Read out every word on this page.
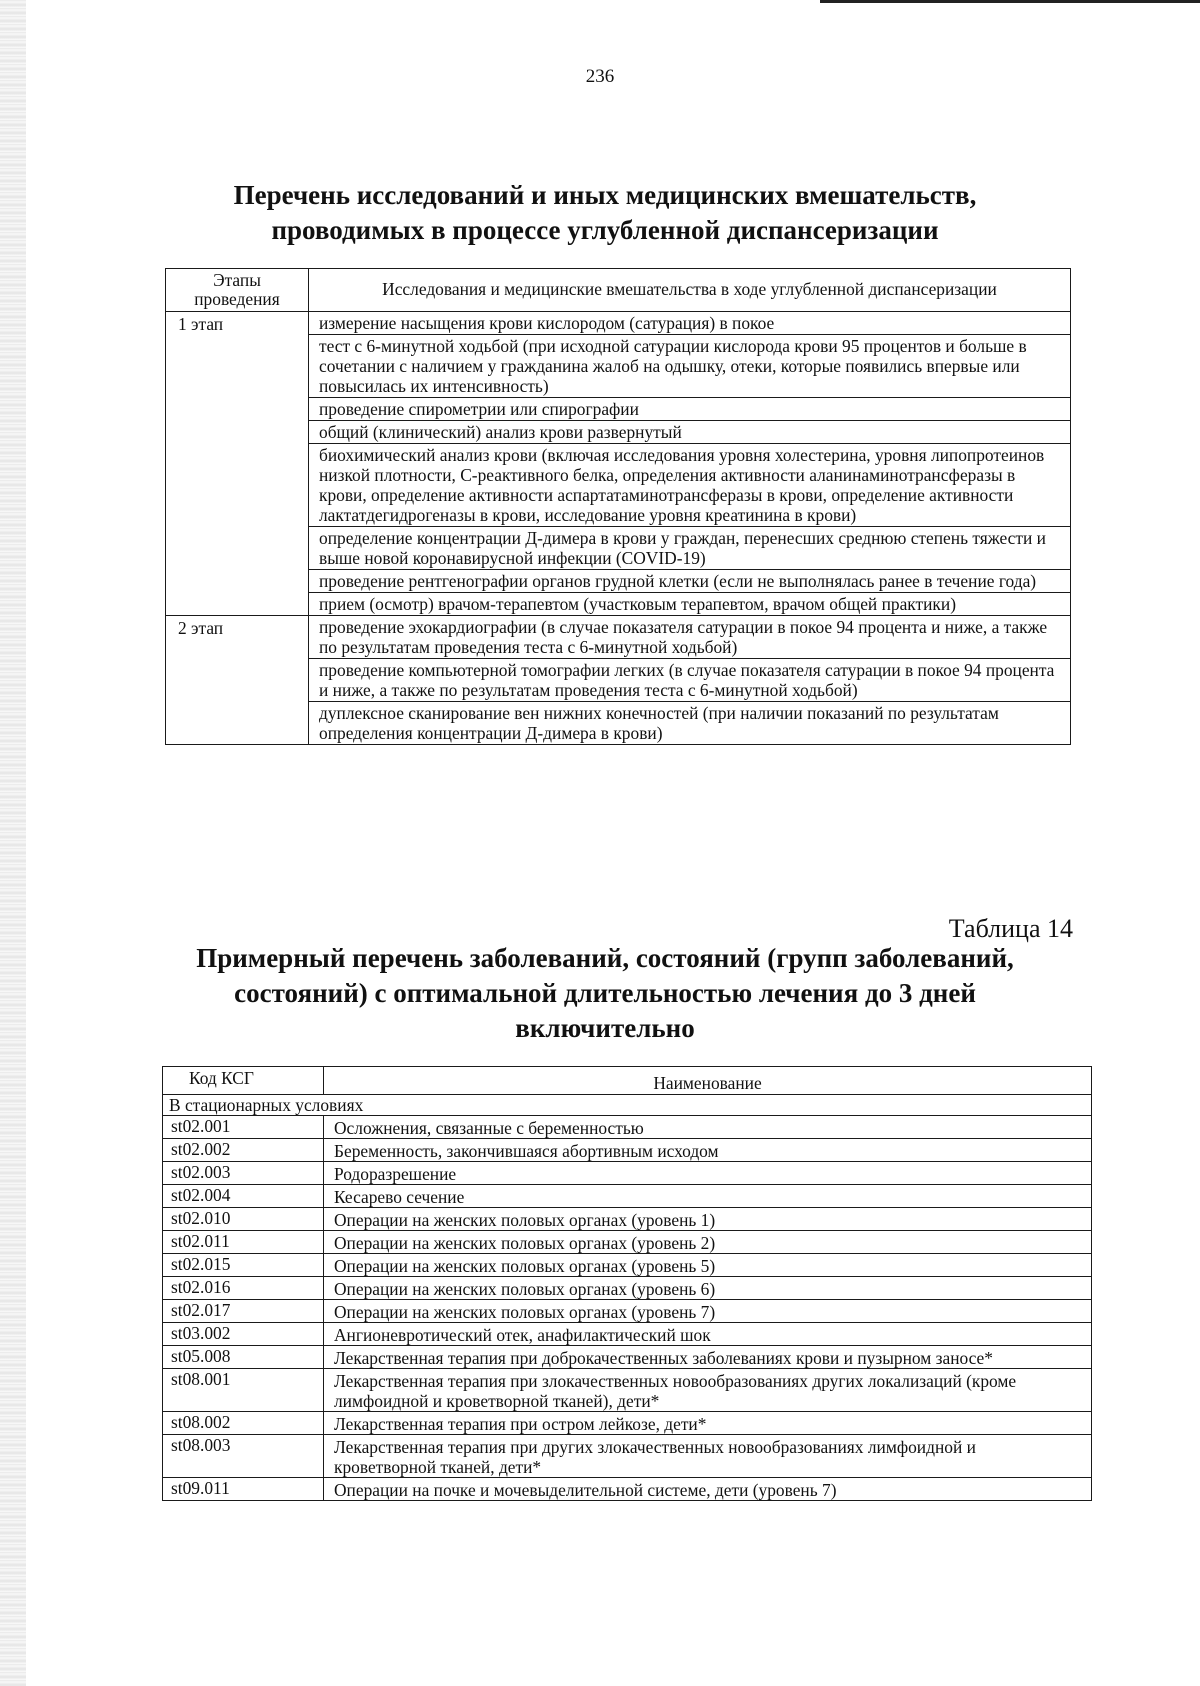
236
Перечень исследований и иных медицинских вмешательств,
проводимых в процессе углубленной диспансеризации
Этапы проведения	Исследования и медицинские вмешательства в ходе углубленной диспансеризации
1 этап	измерение насыщения крови кислородом (сатурация) в покое
	тест с 6-минутной ходьбой (при исходной сатурации кислорода крови 95 процентов и больше в сочетании с наличием у гражданина жалоб на одышку, отеки, которые появились впервые или повысилась их интенсивность)
	проведение спирометрии или спирографии
	общий (клинический) анализ крови развернутый
	биохимический анализ крови (включая исследования уровня холестерина, уровня липопротеинов низкой плотности, С-реактивного белка, определения активности аланинаминотрансферазы в крови, определение активности аспартатаминотрансферазы в крови, определение активности лактатдегидрогеназы в крови, исследование уровня креатинина в крови)
	определение концентрации Д-димера в крови у граждан, перенесших среднюю степень тяжести и выше новой коронавирусной инфекции (COVID-19)
	проведение рентгенографии органов грудной клетки (если не выполнялась ранее в течение года)
	прием (осмотр) врачом-терапевтом (участковым терапевтом, врачом общей практики)
2 этап	проведение эхокардиографии (в случае показателя сатурации в покое 94 процента и ниже, а также по результатам проведения теста с 6-минутной ходьбой)
	проведение компьютерной томографии легких (в случае показателя сатурации в покое 94 процента и ниже, а также по результатам проведения теста с 6-минутной ходьбой)
	дуплексное сканирование вен нижних конечностей (при наличии показаний по результатам определения концентрации Д-димера в крови)
Таблица 14
Примерный перечень заболеваний, состояний (групп заболеваний,
состояний) с оптимальной длительностью лечения до 3 дней
включительно
Код КСГ	Наименование
В стационарных условиях	
st02.001	Осложнения, связанные с беременностью
st02.002	Беременность, закончившаяся абортивным исходом
st02.003	Родоразрешение
st02.004	Кесарево сечение
st02.010	Операции на женских половых органах (уровень 1)
st02.011	Операции на женских половых органах (уровень 2)
st02.015	Операции на женских половых органах (уровень 5)
st02.016	Операции на женских половых органах (уровень 6)
st02.017	Операции на женских половых органах (уровень 7)
st03.002	Ангионевротический отек, анафилактический шок
st05.008	Лекарственная терапия при доброкачественных заболеваниях крови и пузырном заносе*
st08.001	Лекарственная терапия при злокачественных новообразованиях других локализаций (кроме лимфоидной и кроветворной тканей), дети*
st08.002	Лекарственная терапия при остром лейкозе, дети*
st08.003	Лекарственная терапия при других злокачественных новообразованиях лимфоидной и кроветворной тканей, дети*
st09.011	Операции на почке и мочевыделительной системе, дети (уровень 7)
